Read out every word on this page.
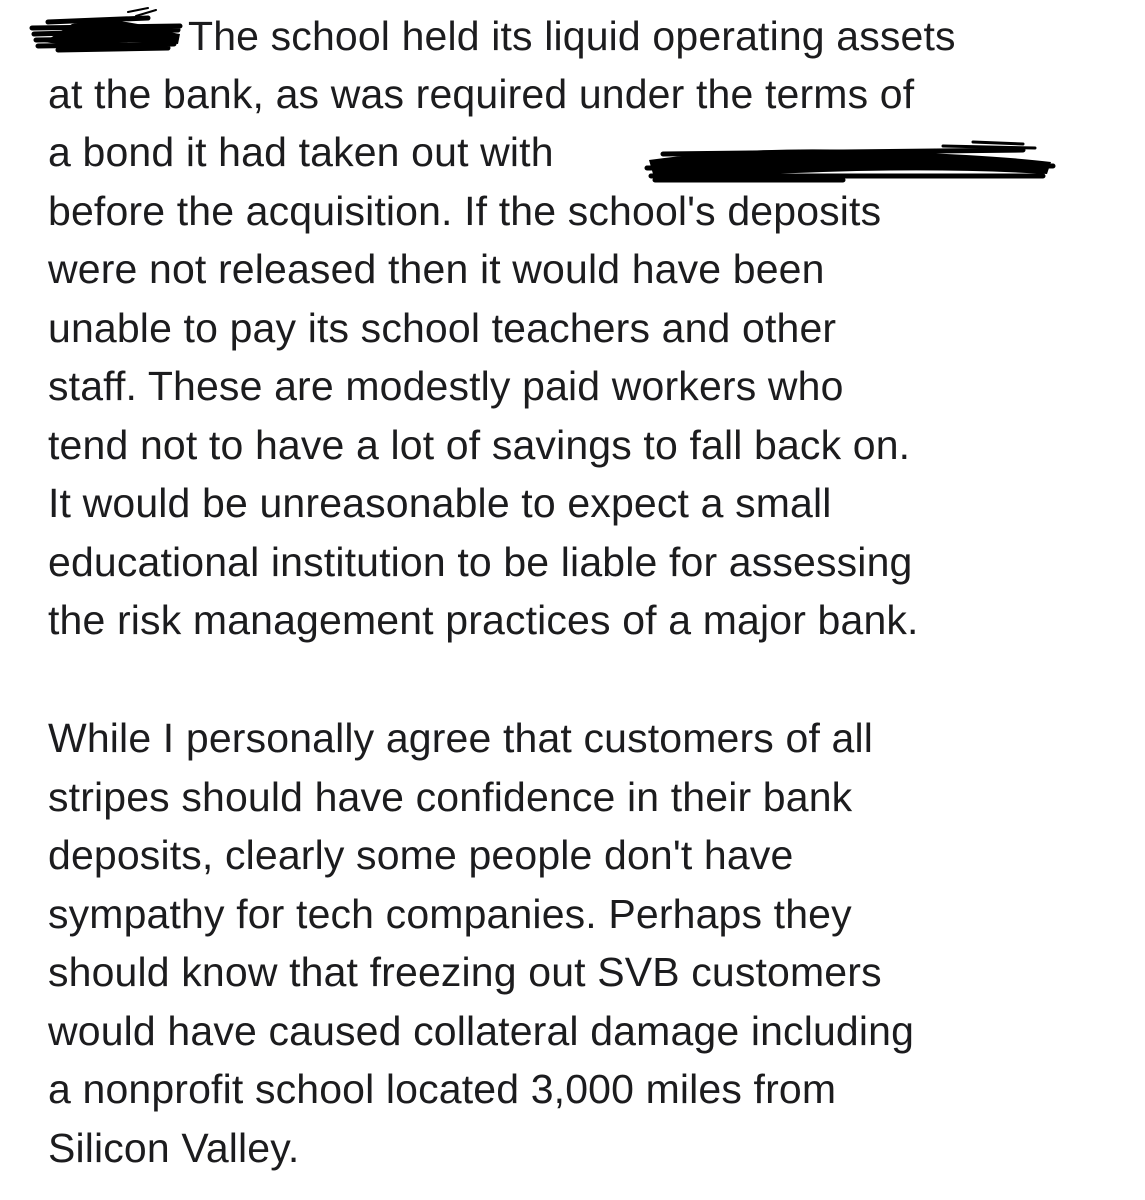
The school held its liquid operating assets
at the bank, as was required under the terms of
a bond it had taken out with
before the acquisition. If the school's deposits
were not released then it would have been
unable to pay its school teachers and other
staff. These are modestly paid workers who
tend not to have a lot of savings to fall back on.
It would be unreasonable to expect a small
educational institution to be liable for assessing
the risk management practices of a major bank.
While I personally agree that customers of all
stripes should have confidence in their bank
deposits, clearly some people don't have
sympathy for tech companies. Perhaps they
should know that freezing out SVB customers
would have caused collateral damage including
a nonprofit school located 3,000 miles from
Silicon Valley.
